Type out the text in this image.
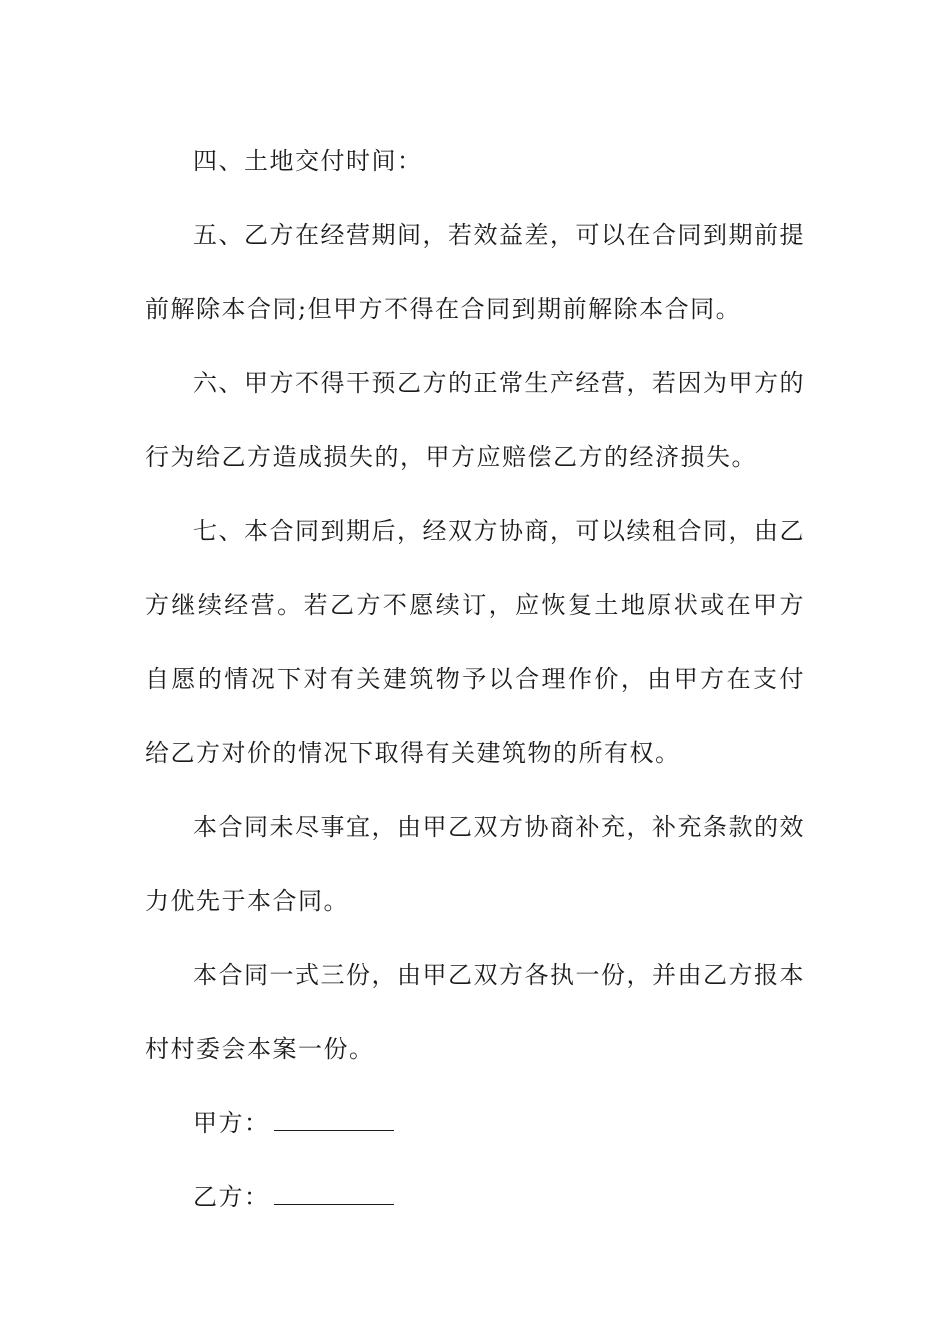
四、土地交付时间：

五、乙方在经营期间，若效益差，可以在合同到期前提前解除本合同;但甲方不得在合同到期前解除本合同。

六、甲方不得干预乙方的正常生产经营，若因为甲方的行为给乙方造成损失的，甲方应赔偿乙方的经济损失。

七、本合同到期后，经双方协商，可以续租合同，由乙方继续经营。若乙方不愿续订，应恢复土地原状或在甲方自愿的情况下对有关建筑物予以合理作价，由甲方在支付给乙方对价的情况下取得有关建筑物的所有权。

本合同未尽事宜，由甲乙双方协商补充，补充条款的效力优先于本合同。

本合同一式三份，由甲乙双方各执一份，并由乙方报本村村委会本案一份。

甲方：

乙方：
